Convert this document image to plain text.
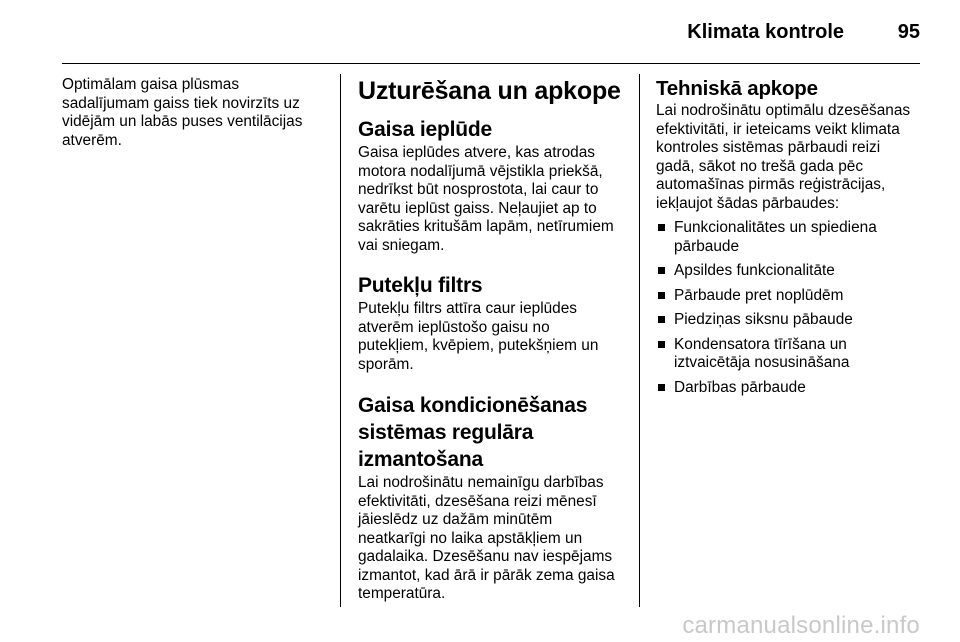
Klimata kontrole	95

Optimālam gaisa plūsmas sadalījumam gaiss tiek novirzīts uz vidējām un labās puses ventilācijas atverēm.

Uzturēšana un apkope
Gaisa ieplūde

Gaisa ieplūdes atvere, kas atrodas motora nodalījumā vējstikla priekšā, nedrīkst būt nosprostota, lai caur to varētu ieplūst gaiss. Neļaujiet ap to sakrāties kritušām lapām, netīrumiem vai sniegam.

Putekļu filtrs

Putekļu filtrs attīra caur ieplūdes atverēm ieplūstošo gaisu no putekļiem, kvēpiem, putekšņiem un sporām.

Gaisa kondicionēšanas sistēmas regulāra izmantošana

Lai nodrošinātu nemainīgu darbības efektivitāti, dzesēšana reizi mēnesī jāieslēdz uz dažām minūtēm neatkarīgi no laika apstākļiem un gadalaika. Dzesēšanu nav iespējams izmantot, kad ārā ir pārāk zema gaisa temperatūra.

Tehniskā apkope

Lai nodrošinātu optimālu dzesēšanas efektivitāti, ir ieteicams veikt klimata kontroles sistēmas pārbaudi reizi gadā, sākot no trešā gada pēc automašīnas pirmās reģistrācijas, iekļaujot šādas pārbaudes:

Funkcionalitātes un spiediena pārbaude
Apsildes funkcionalitāte
Pārbaude pret noplūdēm
Piedziņas siksnu pābaude
Kondensatora tīrīšana un iztvaicētāja nosusināšana
Darbības pārbaude
carmanualsonline.info
